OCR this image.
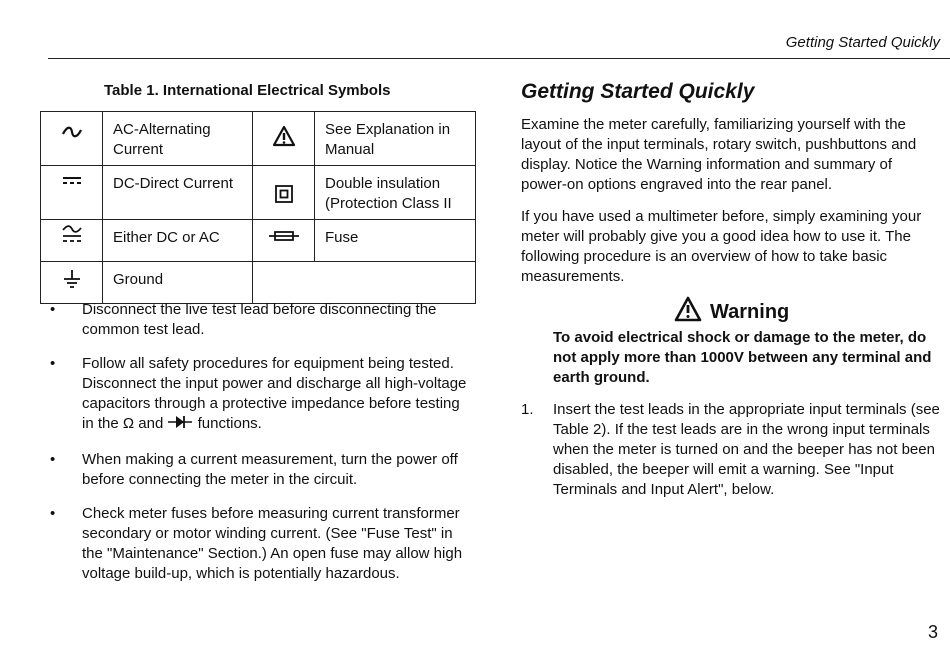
Getting Started Quickly
Table 1. International Electrical Symbols
	AC-Alternating Current		See Explanation in Manual

	DC-Direct Current		Double insulation (Protection Class II

	Either DC or AC		Fuse

	Ground		
• Disconnect the live test lead before disconnecting the common test lead.
• Follow all safety procedures for equipment being tested. Disconnect the input power and discharge all high-voltage capacitors through a protective impedance before testing in the Ω and functions.
• When making a current measurement, turn the power off before connecting the meter in the circuit.
• Check meter fuses before measuring current transformer secondary or motor winding current. (See "Fuse Test" in the "Maintenance" Section.) An open fuse may allow high voltage build-up, which is potentially hazardous.
Getting Started Quickly

Examine the meter carefully, familiarizing yourself with the layout of the input terminals, rotary switch, pushbuttons and display. Notice the Warning information and summary of power-on options engraved into the rear panel.

If you have used a multimeter before, simply examining your meter will probably give you a good idea how to use it. The following procedure is an overview of how to take basic measurements.

Warning

To avoid electrical shock or damage to the meter, do not apply more than 1000V between any terminal and earth ground.

1. Insert the test leads in the appropriate input terminals (see Table 2). If the test leads are in the wrong input terminals when the meter is turned on and the beeper has not been disabled, the beeper will emit a warning. See "Input Terminals and Input Alert", below.
3
